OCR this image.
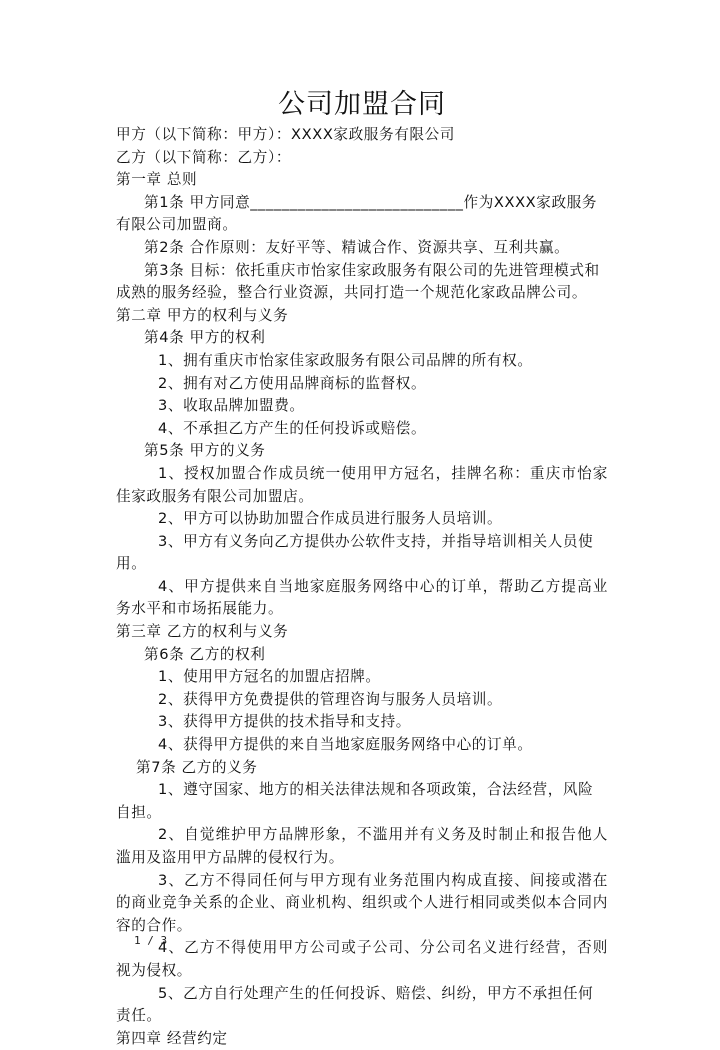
公司加盟合同

甲方（以下简称：甲方）：XXXX家政服务有限公司

乙方（以下简称：乙方）：

第一章 总则

第1条 甲方同意___________________________作为XXXX家政服务有限公司加盟商。

第2条 合作原则：友好平等、精诚合作、资源共享、互利共赢。

第3条 目标：依托重庆市怡家佳家政服务有限公司的先进管理模式和成熟的服务经验，整合行业资源，共同打造一个规范化家政品牌公司。

第二章 甲方的权利与义务

第4条 甲方的权利

1、拥有重庆市怡家佳家政服务有限公司品牌的所有权。

2、拥有对乙方使用品牌商标的监督权。

3、收取品牌加盟费。

4、不承担乙方产生的任何投诉或赔偿。

第5条 甲方的义务

1、授权加盟合作成员统一使用甲方冠名，挂牌名称：重庆市怡家佳家政服务有限公司加盟店。

2、甲方可以协助加盟合作成员进行服务人员培训。

3、甲方有义务向乙方提供办公软件支持，并指导培训相关人员使用。

4、甲方提供来自当地家庭服务网络中心的订单，帮助乙方提高业务水平和市场拓展能力。

第三章 乙方的权利与义务

第6条 乙方的权利

1、使用甲方冠名的加盟店招牌。

2、获得甲方免费提供的管理咨询与服务人员培训。

3、获得甲方提供的技术指导和支持。

4、获得甲方提供的来自当地家庭服务网络中心的订单。

第7条 乙方的义务

1、遵守国家、地方的相关法律法规和各项政策，合法经营，风险自担。

2、自觉维护甲方品牌形象，不滥用并有义务及时制止和报告他人滥用及盗用甲方品牌的侵权行为。

3、乙方不得同任何与甲方现有业务范围内构成直接、间接或潜在的商业竞争关系的企业、商业机构、组织或个人进行相同或类似本合同内容的合作。

4、乙方不得使用甲方公司或子公司、分公司名义进行经营，否则视为侵权。

5、乙方自行处理产生的任何投诉、赔偿、纠纷，甲方不承担任何责任。

第四章 经营约定

1 / 3
